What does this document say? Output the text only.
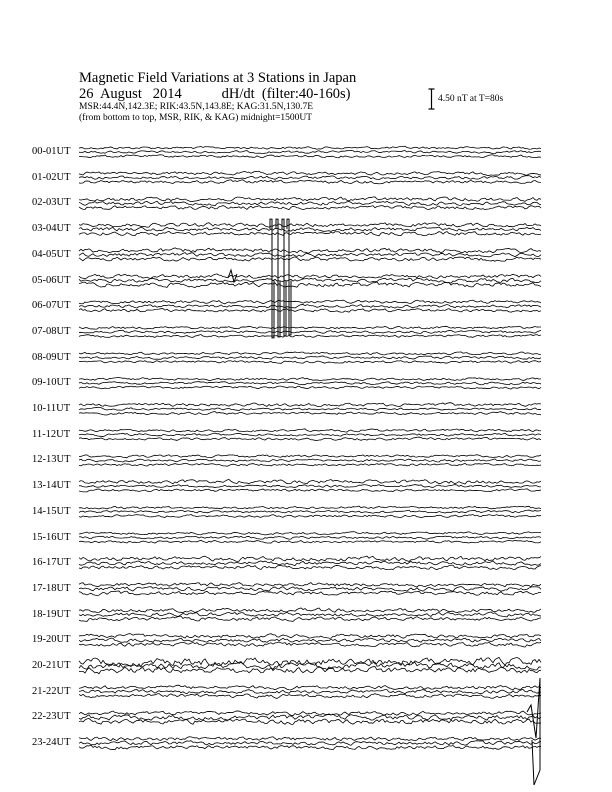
Magnetic Field Variations at 3 Stations in Japan
26  August   2014	dH/dt (filter:40-160s)
MSR:44.4N,142.3E; RIK:43.5N,143.8E; KAG:31.5N,130.7E
(from bottom to top, MSR, RIK, & KAG) midnight=1500UT
4.50 nT at T=80s
00-01UT
01-02UT
02-03UT
03-04UT
04-05UT
05-06UT
06-07UT
07-08UT
08-09UT
09-10UT
10-11UT
11-12UT
12-13UT
13-14UT
14-15UT
15-16UT
16-17UT
17-18UT
18-19UT
19-20UT
20-21UT
21-22UT
22-23UT
23-24UT
